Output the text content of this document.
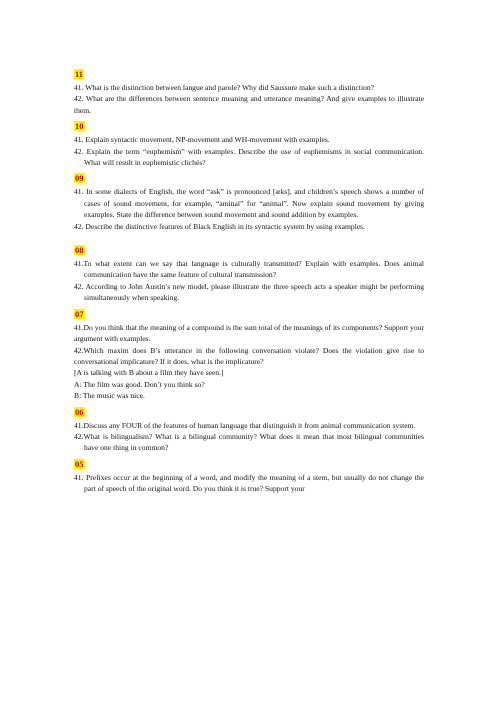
11

41. What is the distinction between langue and parole? Why did Saussure make such a distinction?

42. What are the differences between sentence meaning and utterance meaning? And give examples to illustrate them.

10

41. Explain syntactic movement, NP-movement and WH-movement with examples.

42. Explain the term “euphemism” with examples. Describe the use of euphemisms in social communication. What will result in euphemistic clichés?

09

41. In some dialects of English, the word “ask” is pronounced [æks], and children’s speech shows a number of cases of sound movement, for example, “aminal” for “animal”. Now explain sound movement by giving examples. State the difference between sound movement and sound addition by examples.

42. Describe the distinctive features of Black English in its syntactic system by using examples.

08

41.To what extent can we say that language is culturally transmitted? Explain with examples. Does animal communication have the same feature of cultural transmission?

42. According to John Austin’s new model, please illustrate the three speech acts a speaker might be performing simultaneously when speaking.

07

41.Do you think that the meaning of a compound is the sum total of the meanings of its components? Support your argument with examples.

42.Which maxim does B’s utterance in the following conversation violate? Does the violation give rise to conversational implicature? If it does, what is the implicature?

[A is talking with B about a film they have seen.]

A: The film was good. Don’t you think so?

B: The music was nice.

06

41.Discuss any FOUR of the features of human language that distinguish it from animal communication system.

42.What is bilingualism? What is a bilingual community? What does it mean that most bilingual communities have one thing in common?

05

41. Prefixes occur at the beginning of a word, and modify the meaning of a stem, but usually do not change the part of speech of the original word. Do you think it is true? Support your
